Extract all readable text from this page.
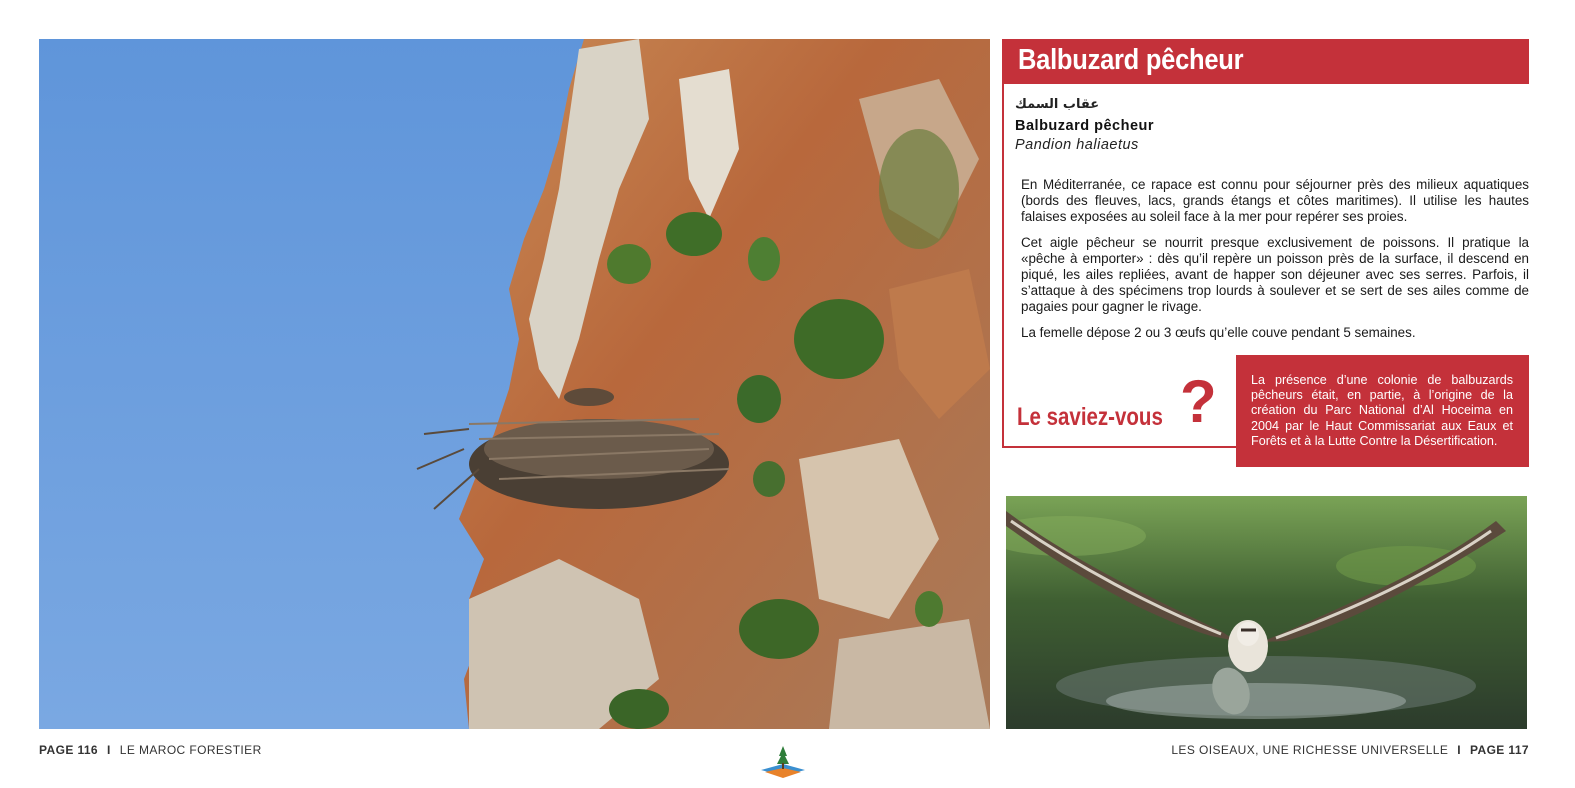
Balbuzard pêcheur
عقاب السمك
Balbuzard pêcheur
Pandion haliaetus

En Méditerranée, ce rapace est connu pour séjourner près des milieux aquatiques (bords des fleuves, lacs, grands étangs et côtes maritimes). Il utilise les hautes falaises exposées au soleil face à la mer pour repérer ses proies.

Cet aigle pêcheur se nourrit presque exclusivement de poissons. Il pratique la «pêche à emporter» : dès qu’il repère un poisson près de la surface, il descend en piqué, les ailes repliées, avant de happer son déjeuner avec ses serres. Parfois, il s’attaque à des spécimens trop lourds à soulever et se sert de ses ailes comme de pagaies pour gagner le rivage.

La femelle dépose 2 ou 3 œufs qu’elle couve pendant 5 semaines.

Le saviez-vous ?	La présence d’une colonie de balbuzards pêcheurs était, en partie, à l’origine de la création du Parc National d’Al Hoceima en 2004 par le Haut Commissariat aux Eaux et Forêts et à la Lutte Contre la Désertification.
PAGE 116 I LE MAROC FORESTIER	LES OISEAUX, UNE RICHESSE UNIVERSELLE I PAGE 117
